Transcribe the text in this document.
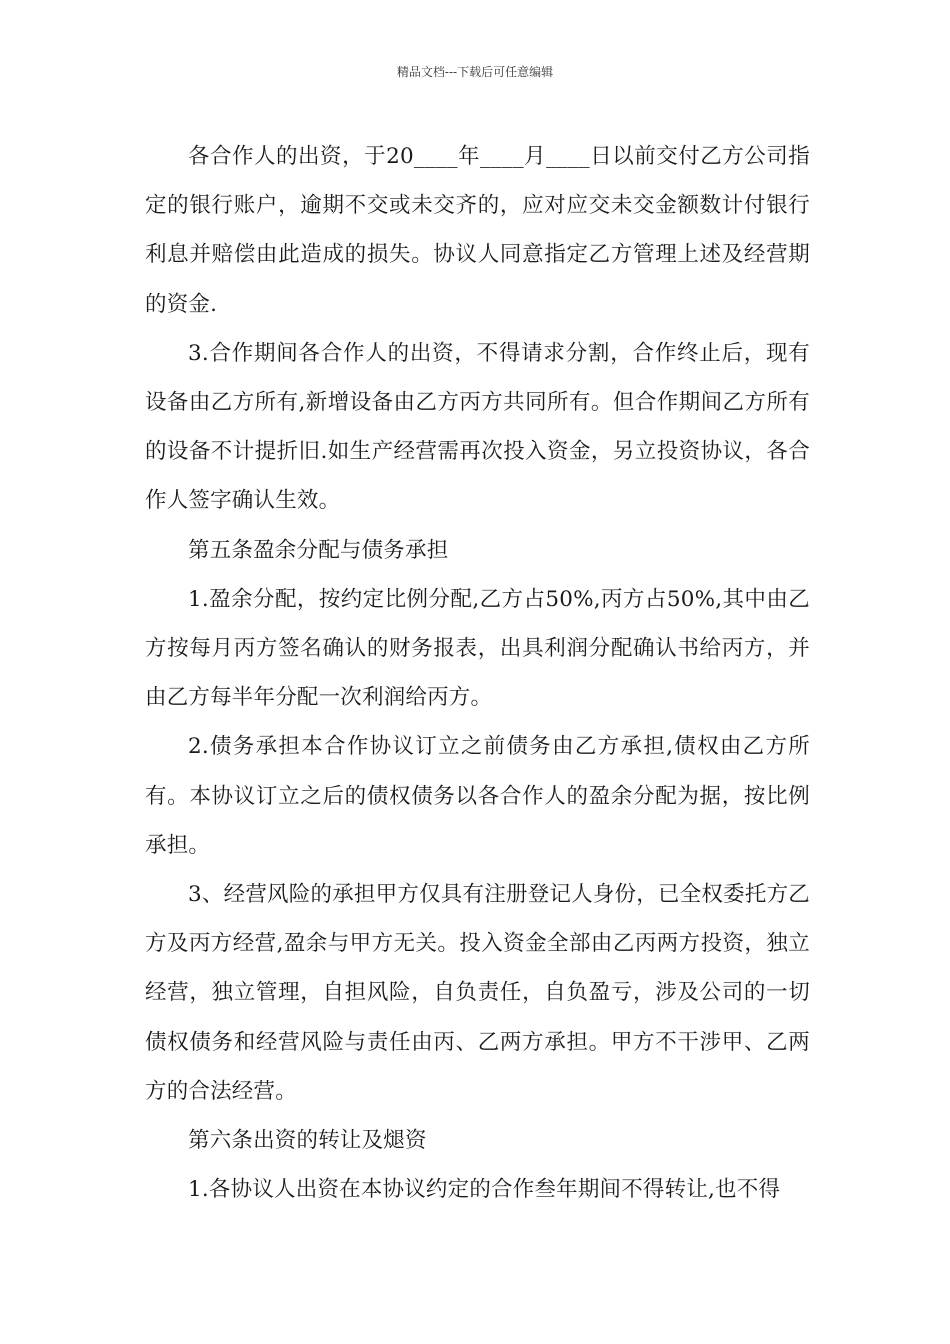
精品文档---下载后可任意编辑

各合作人的出资，于20____年____月____日以前交付乙方公司指定的银行账户，逾期不交或未交齐的，应对应交未交金额数计付银行利息并赔偿由此造成的损失。协议人同意指定乙方管理上述及经营期的资金.

3.合作期间各合作人的出资，不得请求分割，合作终止后，现有设备由乙方所有,新增设备由乙方丙方共同所有。但合作期间乙方所有的设备不计提折旧.如生产经营需再次投入资金，另立投资协议，各合作人签字确认生效。

第五条盈余分配与债务承担

1.盈余分配，按约定比例分配,乙方占50%,丙方占50%,其中由乙方按每月丙方签名确认的财务报表，出具利润分配确认书给丙方，并由乙方每半年分配一次利润给丙方。

2.债务承担本合作协议订立之前债务由乙方承担,债权由乙方所有。本协议订立之后的债权债务以各合作人的盈余分配为据，按比例承担。

3、经营风险的承担甲方仅具有注册登记人身份，已全权委托方乙方及丙方经营,盈余与甲方无关。投入资金全部由乙丙两方投资，独立经营，独立管理，自担风险，自负责任，自负盈亏，涉及公司的一切债权债务和经营风险与责任由丙、乙两方承担。甲方不干涉甲、乙两方的合法经营。

第六条出资的转让及煺资

1.各协议人出资在本协议约定的合作叁年期间不得转让,也不得
